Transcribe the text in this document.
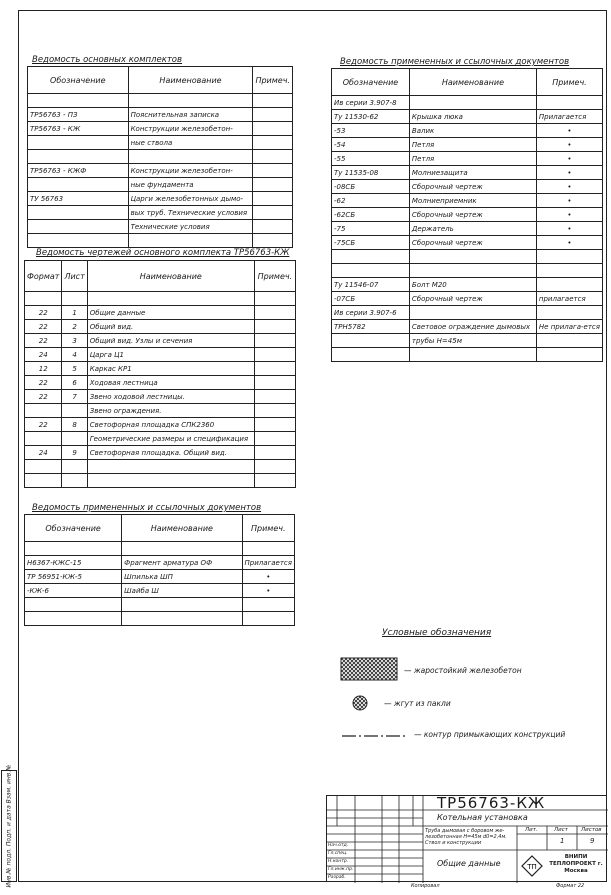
Ведомость основных комплектов
Обозначение	Наименование	Примеч.

ТР56763 - ПЗ	Пояснительная записка	
ТР56763 - КЖ	Конструкции железобетон-	
	ные ствола	

ТР56763 - КЖФ	Конструкции железобетон-	
	ные фундамента	
ТУ 56763	Царги железобетонных дымо-	
	вых труб. Технические условия	
	Технические условия	

Ведомость чертежей основного комплекта ТР56763-КЖ
Формат	Лист	Наименование	Примеч.

22	1	Общие данные	
22	2	Общий вид.	
22	3	Общий вид. Узлы и сечения	
24	4	Царга Ц1	
12	5	Каркас КР1	
22	6	Ходовая лестница	
22	7	Звено ходовой лестницы.	
		Звено ограждения.	
22	8	Светофорная площадка СПК2360	
		Геометрические размеры и спецификация	
24	9	Светофорная площадка. Общий вид.	

Ведомость примененных и ссылочных документов
Обозначение	Наименование	Примеч.

Н6367-КЖС-15	Фрагмент арматура ОФ	Прилагается
ТР 56951-КЖ-5	Шпилька ШП	•
-КЖ-6	Шайба Ш	•

Ведомость примененных и ссылочных документов
Обозначение	Наименование	Примеч.
Ив серии 3.907-8		
Ту 11530-62	Крышка люка	Прилагается
-53	Валик	•
-54	Петля	•
-55	Петля	•
Ту 11535-08	Молниезащита	•
-08СБ	Сборочный чертеж	•
-62	Молниеприемник	•
-62СБ	Сборочный чертеж	•
-75	Держатель	•
-75СБ	Сборочный чертеж	•

Ту 11546-07	Болт М20	
-07СБ	Сборочный чертеж	прилагается
Ив серии 3.907-6		
ТРН5782	Световое ограждение дымовых	Не прилага-ется
	трубы Н=45м	

Условные обозначения
— жаростойкий железобетон
— жгут из пакли
— контур примыкающих конструкций
ТР56763-КЖ
Котельная установка
Труба дымовая с боровом же-лезобетонная Н=45м d0=2,4м. Ствол и конструкции
Общие данные
Лит.	Лист Листов
1	9
ТП
ВНИПИ ТЕПЛОПРОЕКТ г. Москва
Нач.отд.
Гл.спец.
Н.контр.
Гл.инж.пр.
Разраб.
Копировал	Формат 22
Инв.№ подл. Подп. и дата Взам. инв.№
